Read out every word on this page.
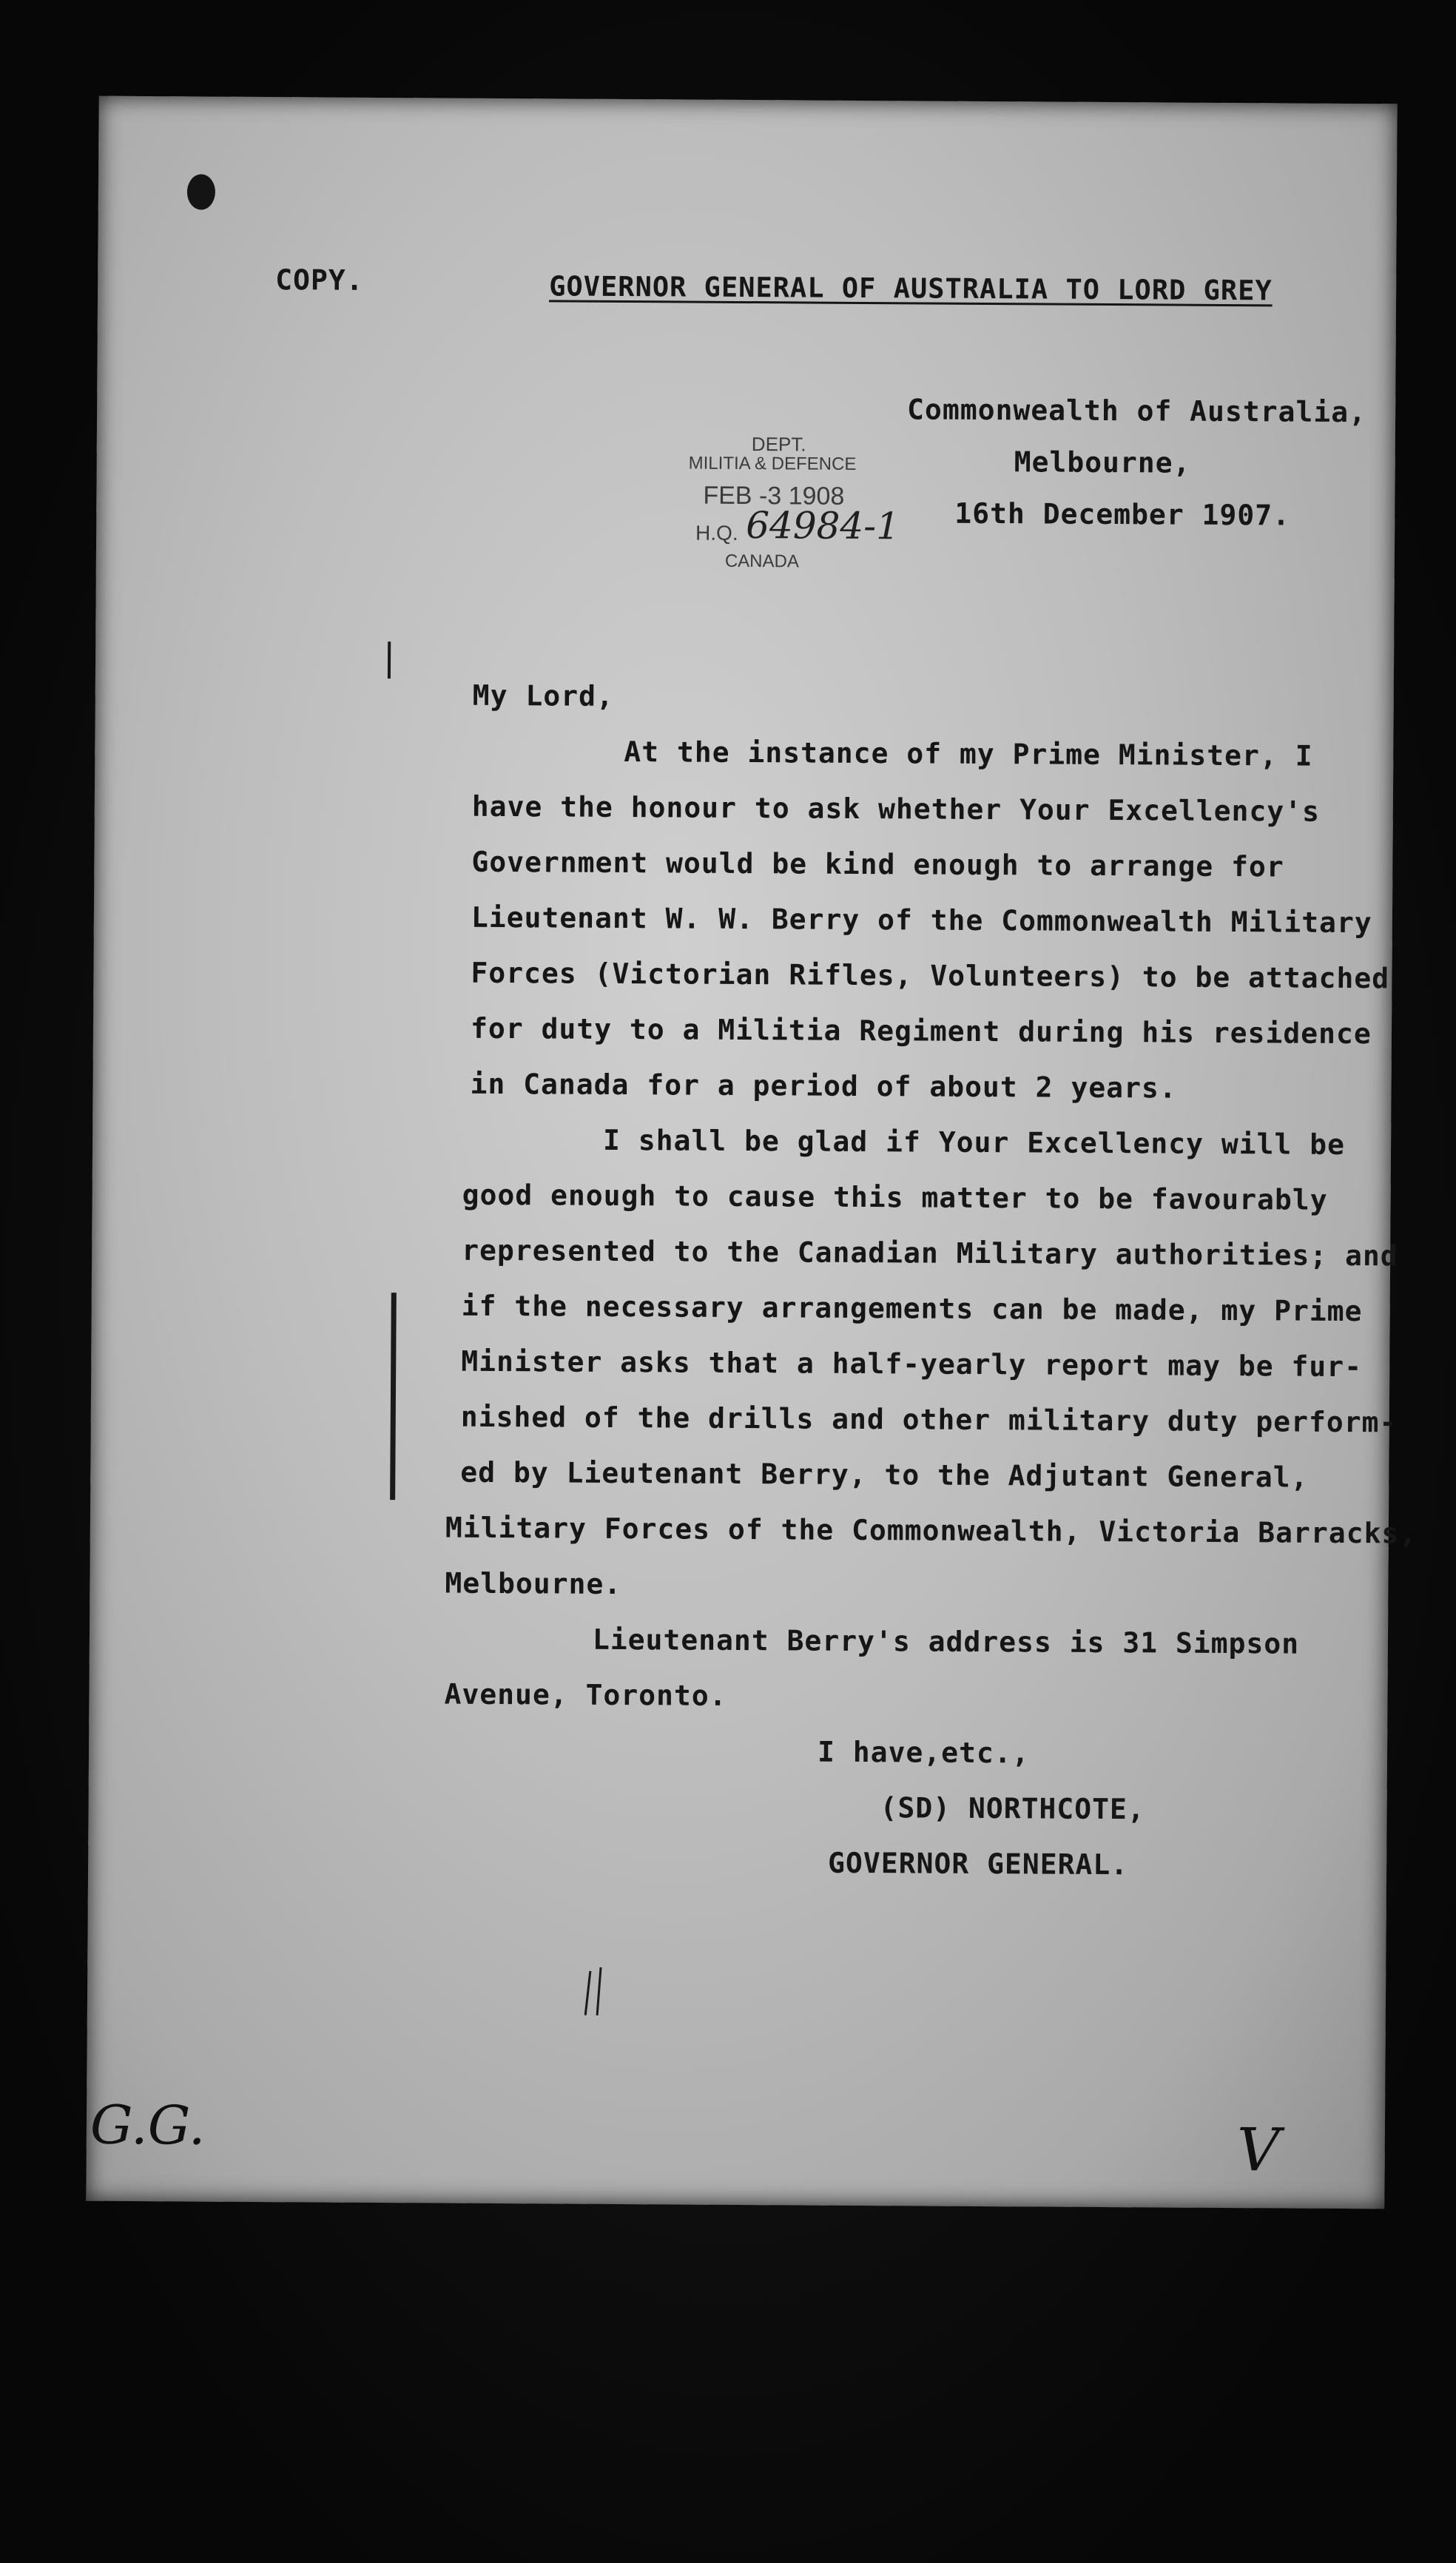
COPY.	GOVERNOR GENERAL OF AUSTRALIA TO LORD GREY
Commonwealth of Australia,
Melbourne,
16th December 1907.
DEPT.
MILITIA & DEFENCE
FEB -3 1908
H.Q. 64984-1
CANADA
My Lord,
At the instance of my Prime Minister, I
have the honour to ask whether Your Excellency's
Government would be kind enough to arrange for
Lieutenant W. W. Berry of the Commonwealth Military
Forces (Victorian Rifles, Volunteers) to be attached
for duty to a Militia Regiment during his residence
in Canada for a period of about 2 years.
I shall be glad if Your Excellency will be
good enough to cause this matter to be favourably
represented to the Canadian Military authorities; and
if the necessary arrangements can be made, my Prime
Minister asks that a half-yearly report may be fur-
nished of the drills and other military duty perform-
ed by Lieutenant Berry, to the Adjutant General,
Military Forces of the Commonwealth, Victoria Barracks,
Melbourne.
Lieutenant Berry's address is 31 Simpson
Avenue, Toronto.
I have,etc.,
(SD) NORTHCOTE,
GOVERNOR GENERAL.
G.G.	V
